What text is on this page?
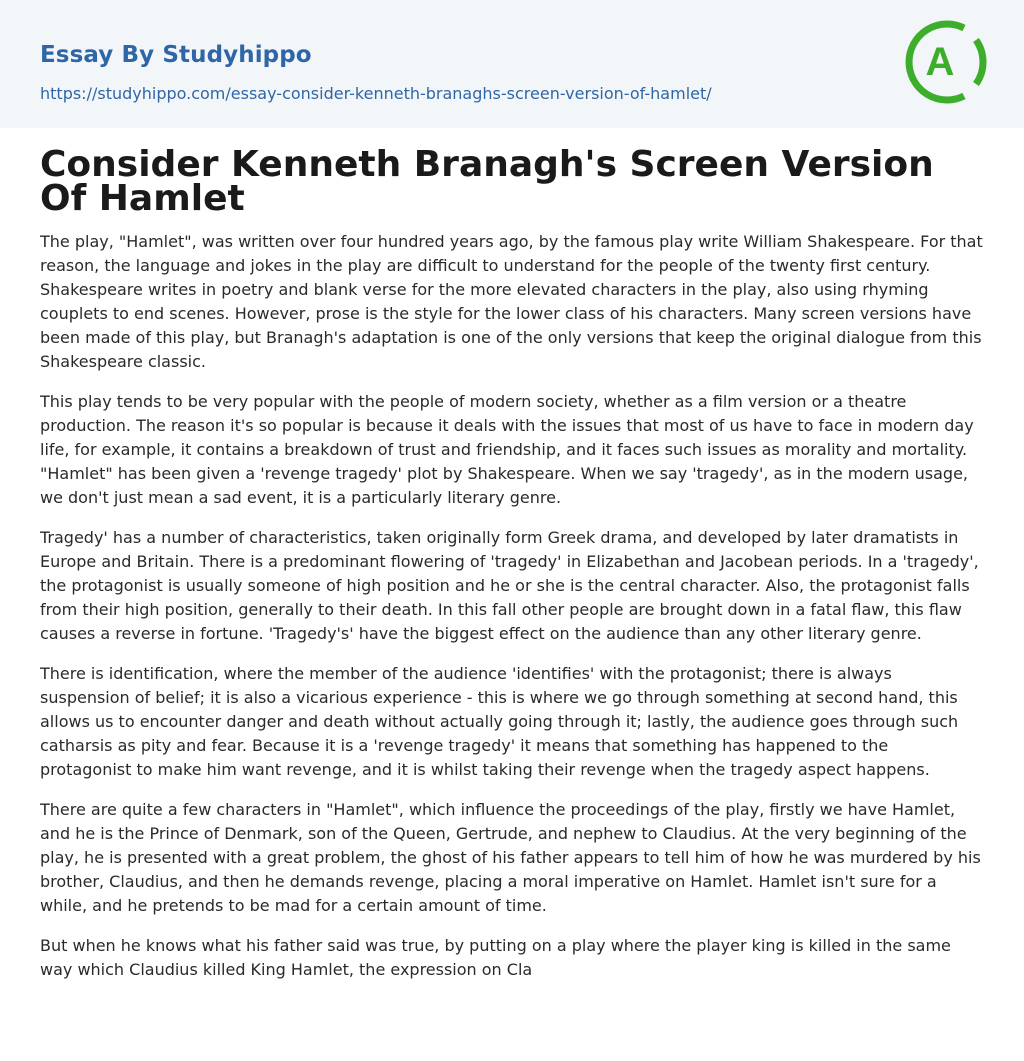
Essay By Studyhippo
https://studyhippo.com/essay-consider-kenneth-branaghs-screen-version-of-hamlet/
A
Consider Kenneth Branagh's Screen Version Of Hamlet

The play, "Hamlet", was written over four hundred years ago, by the famous play write William Shakespeare. For that reason, the language and jokes in the play are difficult to understand for the people of the twenty first century. Shakespeare writes in poetry and blank verse for the more elevated characters in the play, also using rhyming couplets to end scenes. However, prose is the style for the lower class of his characters. Many screen versions have been made of this play, but Branagh's adaptation is one of the only versions that keep the original dialogue from this Shakespeare classic.

This play tends to be very popular with the people of modern society, whether as a film version or a theatre production. The reason it's so popular is because it deals with the issues that most of us have to face in modern day life, for example, it contains a breakdown of trust and friendship, and it faces such issues as morality and mortality. "Hamlet" has been given a 'revenge tragedy' plot by Shakespeare. When we say 'tragedy', as in the modern usage, we don't just mean a sad event, it is a particularly literary genre.

Tragedy' has a number of characteristics, taken originally form Greek drama, and developed by later dramatists in Europe and Britain. There is a predominant flowering of 'tragedy' in Elizabethan and Jacobean periods. In a 'tragedy', the protagonist is usually someone of high position and he or she is the central character. Also, the protagonist falls from their high position, generally to their death. In this fall other people are brought down in a fatal flaw, this flaw causes a reverse in fortune. 'Tragedy's' have the biggest effect on the audience than any other literary genre.

There is identification, where the member of the audience 'identifies' with the protagonist; there is always suspension of belief; it is also a vicarious experience - this is where we go through something at second hand, this allows us to encounter danger and death without actually going through it; lastly, the audience goes through such catharsis as pity and fear. Because it is a 'revenge tragedy' it means that something has happened to the protagonist to make him want revenge, and it is whilst taking their revenge when the tragedy aspect happens.

There are quite a few characters in "Hamlet", which influence the proceedings of the play, firstly we have Hamlet, and he is the Prince of Denmark, son of the Queen, Gertrude, and nephew to Claudius. At the very beginning of the play, he is presented with a great problem, the ghost of his father appears to tell him of how he was murdered by his brother, Claudius, and then he demands revenge, placing a moral imperative on Hamlet. Hamlet isn't sure for a while, and he pretends to be mad for a certain amount of time.

But when he knows what his father said was true, by putting on a play where the player king is killed in the same way which Claudius killed King Hamlet, the expression on Cla
